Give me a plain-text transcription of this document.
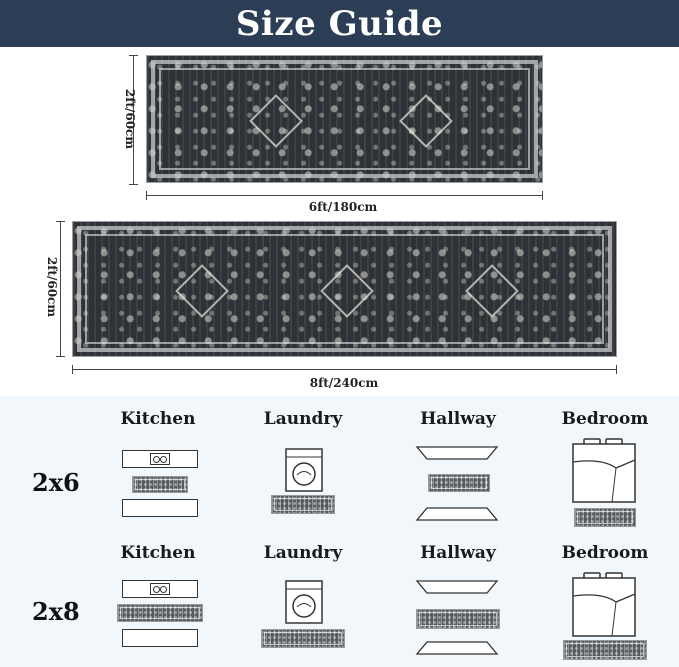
Size Guide
2ft/60cm
6ft/180cm
2ft/60cm
8ft/240cm
Kitchen	Laundry	Hallway	Bedroom
2x6
Kitchen	Laundry	Hallway	Bedroom
2x8
